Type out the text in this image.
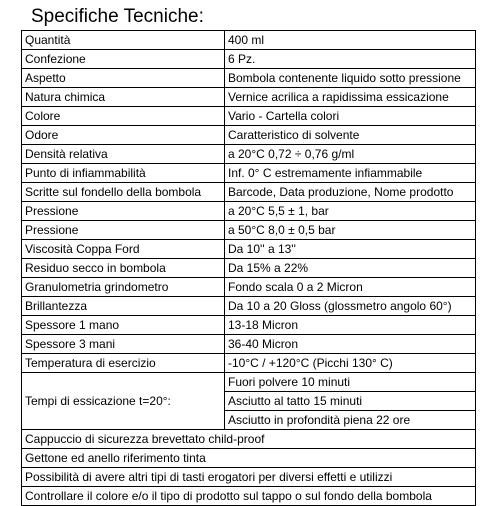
Specifiche Tecniche:
Quantità	400 ml
Confezione	6 Pz.
Aspetto	Bombola contenente liquido sotto pressione
Natura chimica	Vernice acrilica a rapidissima essicazione
Colore	Vario - Cartella colori
Odore	Caratteristico di solvente
Densità relativa	a 20°C 0,72 ÷ 0,76 g/ml
Punto di infiammabilità	Inf. 0° C estremamente infiammabile
Scritte sul fondello della bombola	Barcode, Data produzione, Nome prodotto
Pressione	a 20°C 5,5 ± 1, bar
Pressione	a 50°C 8,0 ± 0,5 bar
Viscosità Coppa Ford	Da 10'' a 13''
Residuo secco in bombola	Da 15% a 22%
Granulometria grindometro	Fondo scala 0 a 2 Micron
Brillantezza	Da 10 a 20 Gloss (glossmetro angolo 60°)
Spessore 1 mano	13-18 Micron
Spessore 3 mani	36-40 Micron
Temperatura di esercizio	-10°C / +120°C (Picchi 130° C)
Tempi di essicazione t=20°:	Fuori polvere 10 minuti
	Asciutto al tatto 15 minuti
	Asciutto in profondità piena 22 ore
Cappuccio di sicurezza brevettato child-proof	
Gettone ed anello riferimento tinta	
Possibilità di avere altri tipi di tasti erogatori per diversi effetti e utilizzi	
Controllare il colore e/o il tipo di prodotto sul tappo o sul fondo della bombola	
